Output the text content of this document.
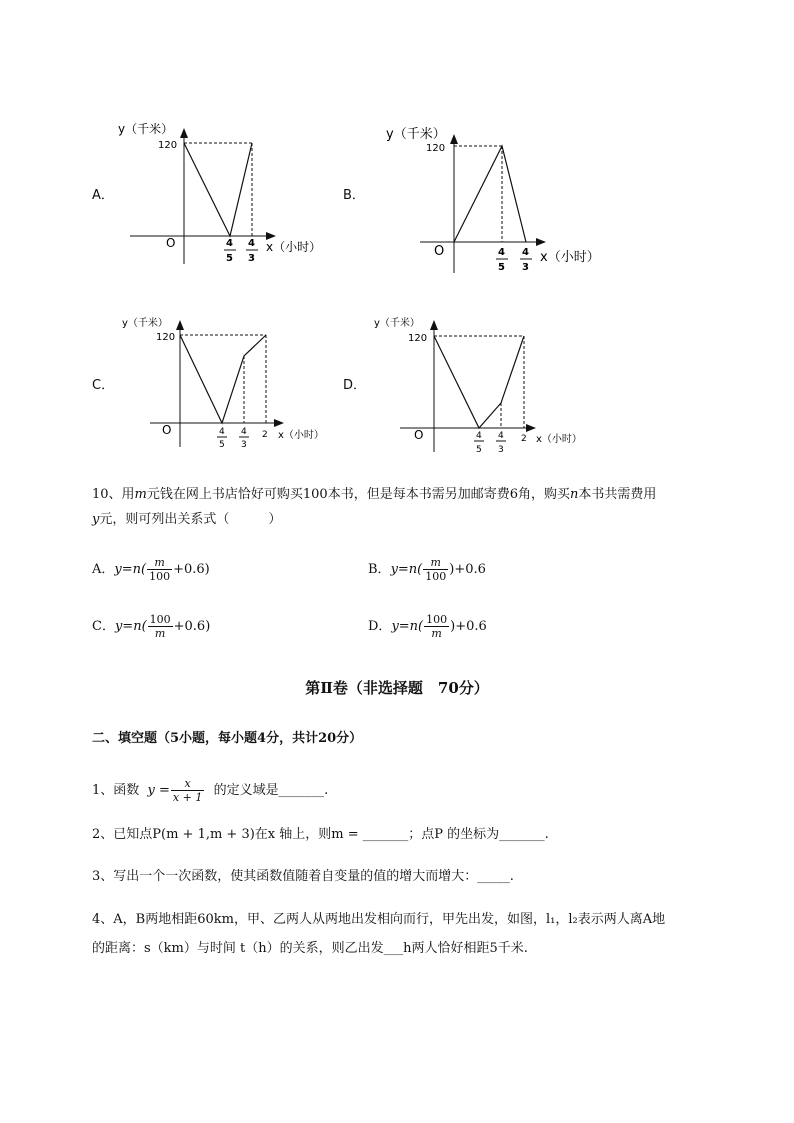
A．
y（千米）
120
O	4
5
4
3
x（小时）
B．
y（千米）
120
O	4
5
4
3
x（小时）
C．
y（千米）
120
O	4
5
4
3
2 x（小时）
D．
y（千米）
120
O	4
5
4
3
2 x（小时）
10、用m元钱在网上书店恰好可购买100本书，但是每本书需另加邮寄费6角，购买n本书共需费用
y元，则可列出关系式（　　　）
A．$y=n( \frac{m}{100} +0.6)$	B．$y=n( \frac{m}{100} )+0.6$
C．$y=n( \frac{100}{m} +0.6)$	D．$y=n( \frac{100}{m} )+0.6$
第Ⅱ卷（非选择题　70分）
二、填空题（5小题，每小题4分，共计20分）
1、函数 $y = \frac{x}{x + 1}$ 的定义域是_______.
2、已知点P(m + 1,m + 3)在x 轴上，则m = _______；点P 的坐标为_______.
3、写出一个一次函数，使其函数值随着自变量的值的增大而增大：_____.
4、A，B两地相距60km，甲、乙两人从两地出发相向而行，甲先出发，如图，l₁，l₂表示两人离A地
的距离：s（km）与时间 t（h）的关系，则乙出发___h两人恰好相距5千米.
